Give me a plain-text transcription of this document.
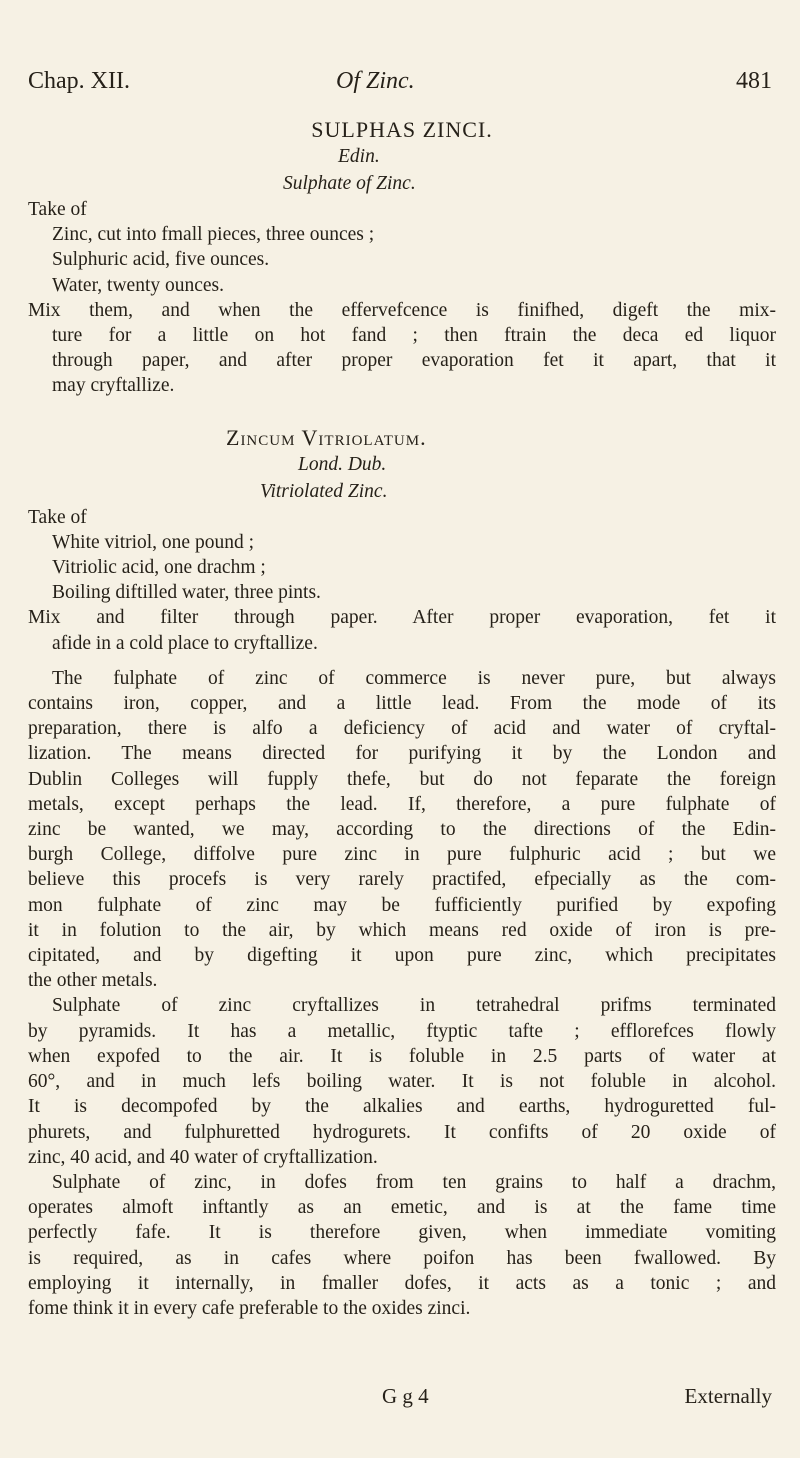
Chap. XII.	Of Zinc.	481
SULPHAS ZINCI.
Edin.
Sulphate of Zinc.
Take of
Zinc, cut into fmall pieces, three ounces ;
Sulphuric acid, five ounces.
Water, twenty ounces.
Mix them, and when the effervefcence is finifhed, digeft the mix-
ture for a little on hot fand ; then ftrain the deca ed liquor
through paper, and after proper evaporation fet it apart, that it
may cryftallize.
Zincum Vitriolatum.
Lond. Dub.
Vitriolated Zinc.
Take of
White vitriol, one pound ;
Vitriolic acid, one drachm ;
Boiling diftilled water, three pints.
Mix and filter through paper. After proper evaporation, fet it
afide in a cold place to cryftallize.
The fulphate of zinc of commerce is never pure, but always
contains iron, copper, and a little lead. From the mode of its
preparation, there is alfo a deficiency of acid and water of cryftal-
lization. The means directed for purifying it by the London and
Dublin Colleges will fupply thefe, but do not feparate the foreign
metals, except perhaps the lead. If, therefore, a pure fulphate of
zinc be wanted, we may, according to the directions of the Edin-
burgh College, diffolve pure zinc in pure fulphuric acid ; but we
believe this procefs is very rarely practifed, efpecially as the com-
mon fulphate of zinc may be fufficiently purified by expofing
it in folution to the air, by which means red oxide of iron is pre-
cipitated, and by digefting it upon pure zinc, which precipitates
the other metals.
Sulphate of zinc cryftallizes in tetrahedral prifms terminated
by pyramids. It has a metallic, ftyptic tafte ; efflorefces flowly
when expofed to the air. It is foluble in 2.5 parts of water at
60°, and in much lefs boiling water. It is not foluble in alcohol.
It is decompofed by the alkalies and earths, hydroguretted ful-
phurets, and fulphuretted hydrogurets. It confifts of 20 oxide of
zinc, 40 acid, and 40 water of cryftallization.
Sulphate of zinc, in dofes from ten grains to half a drachm,
operates almoft inftantly as an emetic, and is at the fame time
perfectly fafe. It is therefore given, when immediate vomiting
is required, as in cafes where poifon has been fwallowed. By
employing it internally, in fmaller dofes, it acts as a tonic ; and
fome think it in every cafe preferable to the oxides zinci.
G g 4	Externally
